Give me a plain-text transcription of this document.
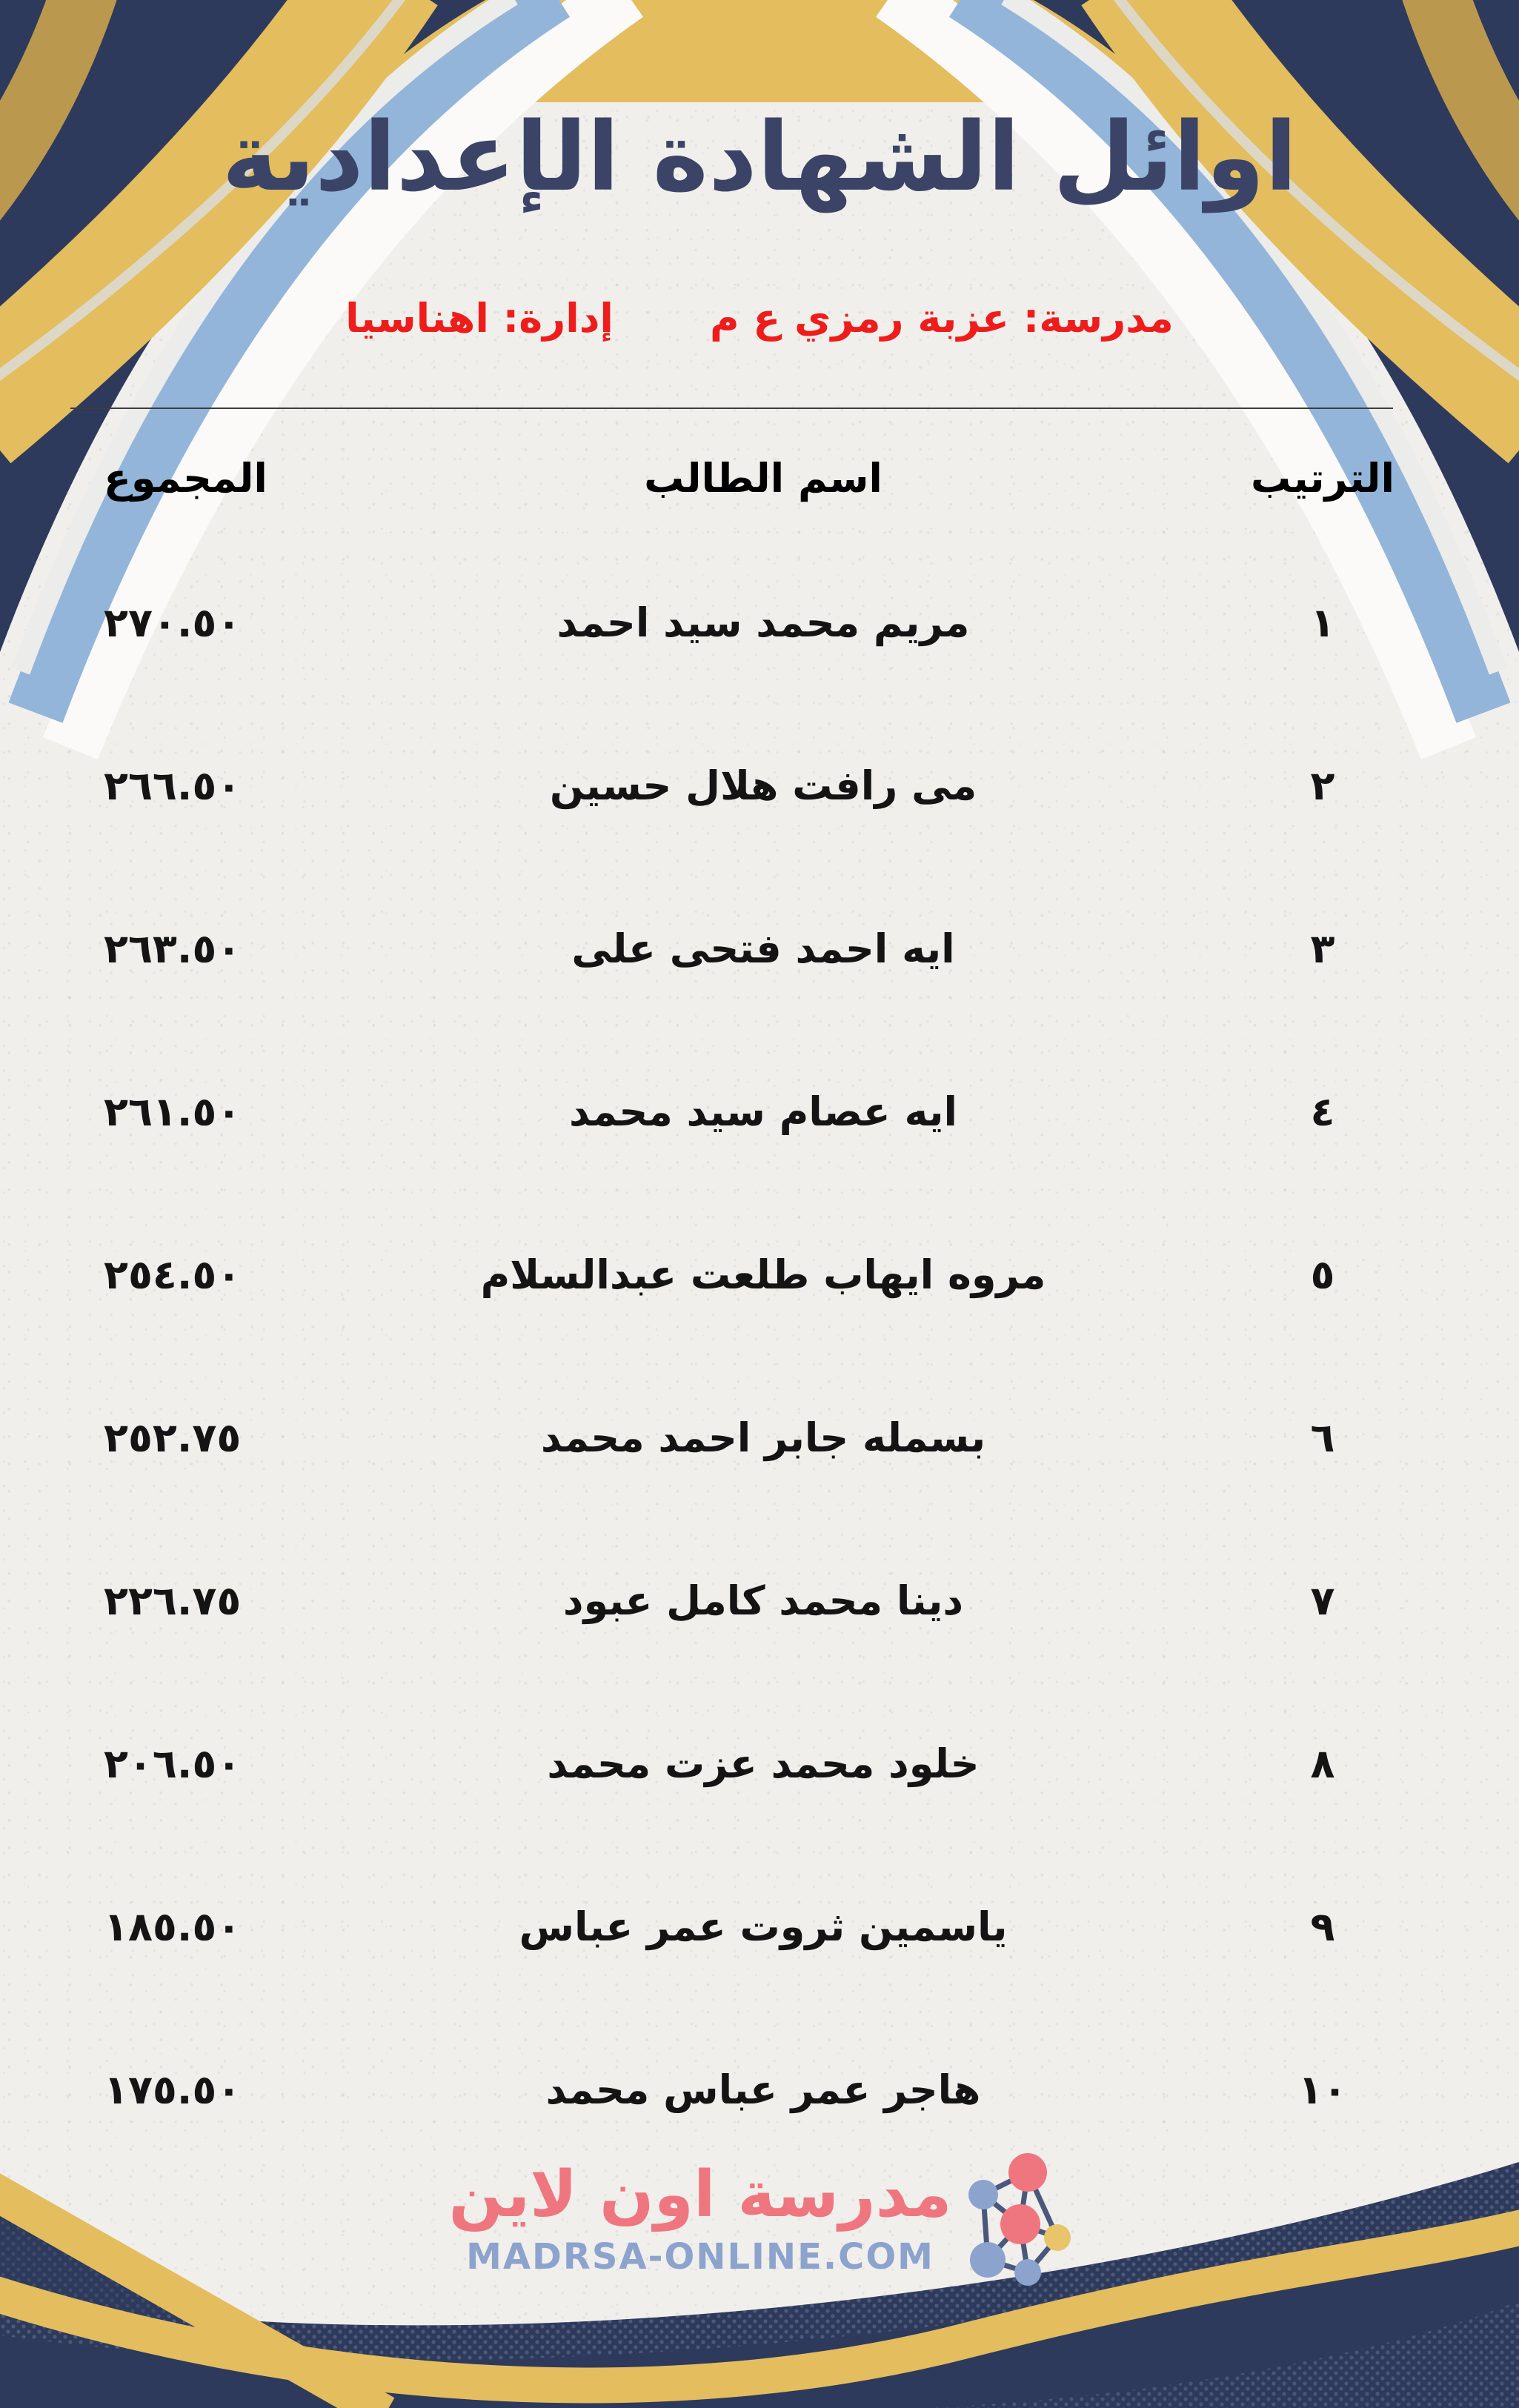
اوائل الشهادة الإعدادية
مدرسة: عزبة رمزي ع م
إدارة: اهناسيا
الترتيب
اسم الطالب
المجموع
١
مريم محمد سيد احمد
٢٧٠.٥٠
٢
مى رافت هلال حسين
٢٦٦.٥٠
٣
ايه احمد فتحى على
٢٦٣.٥٠
٤
ايه عصام سيد محمد
٢٦١.٥٠
٥
مروه ايهاب طلعت عبدالسلام
٢٥٤.٥٠
٦
بسمله جابر احمد محمد
٢٥٢.٧٥
٧
دينا محمد كامل عبود
٢٢٦.٧٥
٨
خلود محمد عزت محمد
٢٠٦.٥٠
٩
ياسمين ثروت عمر عباس
١٨٥.٥٠
١٠
هاجر عمر عباس محمد
١٧٥.٥٠
مدرسة اون لاين
MADRSA-ONLINE.COM
